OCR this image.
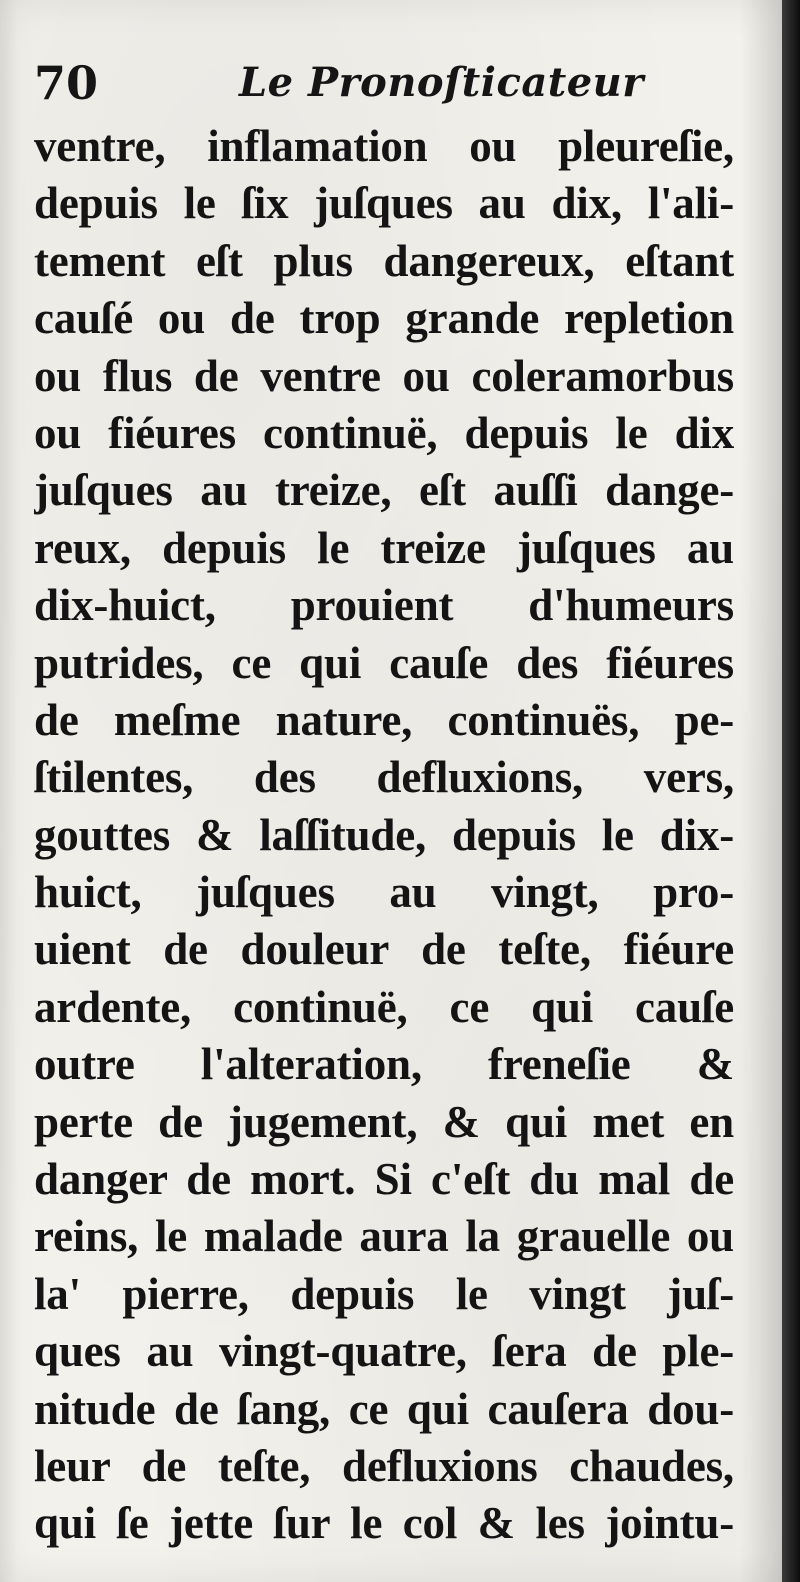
70	Le Pronoſticateur
ventre, inflamation ou pleureſie,
depuis le ſix juſques au dix, l'ali-
tement eſt plus dangereux, eſtant
cauſé ou de trop grande repletion
ou flus de ventre ou coleramorbus
ou fiéures continuë, depuis le dix
juſques au treize, eſt auſſi dange-
reux, depuis le treize juſques au
dix-huict, prouient d'humeurs
putrides, ce qui cauſe des fiéures
de meſme nature, continuës, pe-
ſtilentes, des defluxions, vers,
gouttes & laſſitude, depuis le dix-
huict, juſques au vingt, pro-
uient de douleur de teſte, fiéure
ardente, continuë, ce qui cauſe
outre l'alteration, freneſie &
perte de jugement, & qui met en
danger de mort. Si c'eſt du mal de
reins, le malade aura la grauelle ou
la' pierre, depuis le vingt juſ-
ques au vingt-quatre, ſera de ple-
nitude de ſang, ce qui cauſera dou-
leur de teſte, defluxions chaudes,
qui ſe jette ſur le col & les jointu-
